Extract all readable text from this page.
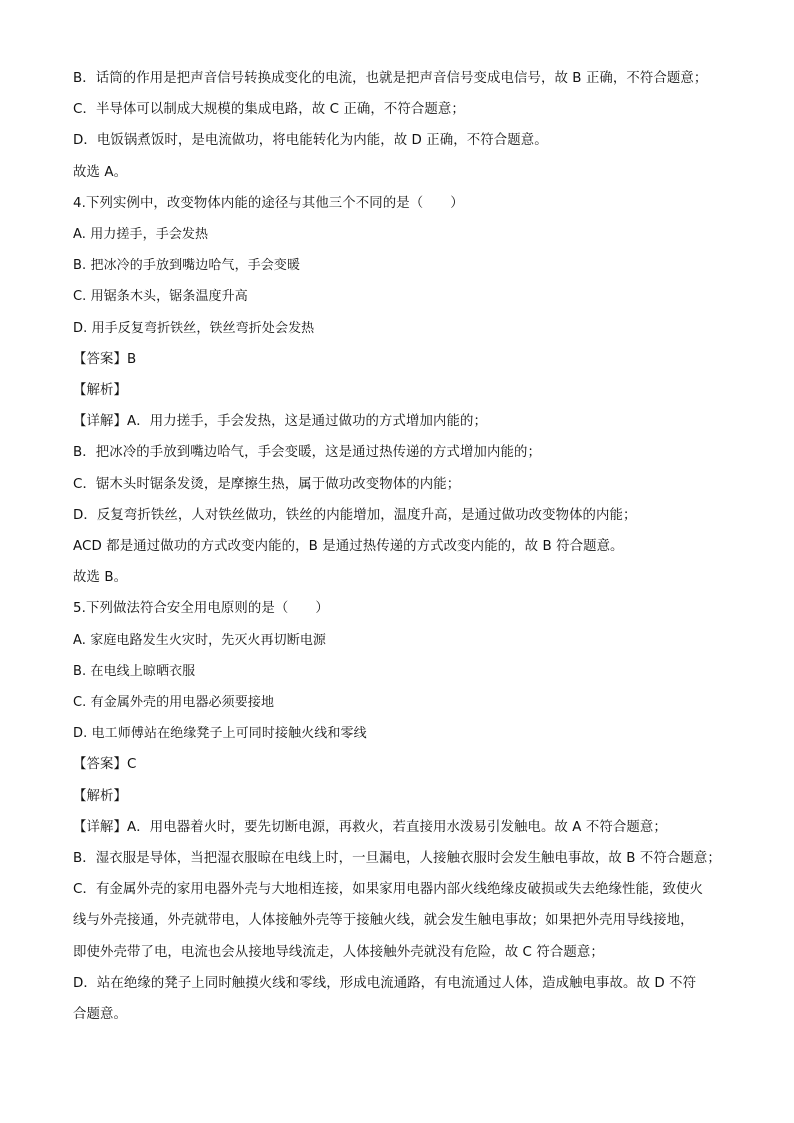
B．话筒的作用是把声音信号转换成变化的电流，也就是把声音信号变成电信号，故 B 正确，不符合题意；
C．半导体可以制成大规模的集成电路，故 C 正确，不符合题意；
D．电饭锅煮饭时，是电流做功，将电能转化为内能，故 D 正确，不符合题意。
故选 A。
4.下列实例中，改变物体内能的途径与其他三个不同的是（　　）
A. 用力搓手，手会发热
B. 把冰冷的手放到嘴边哈气，手会变暖
C. 用锯条木头，锯条温度升高
D. 用手反复弯折铁丝，铁丝弯折处会发热
【答案】B
【解析】
【详解】A．用力搓手，手会发热，这是通过做功的方式增加内能的；
B．把冰冷的手放到嘴边哈气，手会变暖，这是通过热传递的方式增加内能的；
C．锯木头时锯条发烫，是摩擦生热，属于做功改变物体的内能；
D．反复弯折铁丝，人对铁丝做功，铁丝的内能增加，温度升高，是通过做功改变物体的内能；
ACD 都是通过做功的方式改变内能的，B 是通过热传递的方式改变内能的，故 B 符合题意。
故选 B。
5.下列做法符合安全用电原则的是（　　）
A. 家庭电路发生火灾时，先灭火再切断电源
B. 在电线上晾晒衣服
C. 有金属外壳的用电器必须要接地
D. 电工师傅站在绝缘凳子上可同时接触火线和零线
【答案】C
【解析】
【详解】A．用电器着火时，要先切断电源，再救火，若直接用水泼易引发触电。故 A 不符合题意；
B．湿衣服是导体，当把湿衣服晾在电线上时，一旦漏电，人接触衣服时会发生触电事故，故 B 不符合题意；
C．有金属外壳的家用电器外壳与大地相连接，如果家用电器内部火线绝缘皮破损或失去绝缘性能，致使火
线与外壳接通，外壳就带电，人体接触外壳等于接触火线，就会发生触电事故；如果把外壳用导线接地，
即使外壳带了电，电流也会从接地导线流走，人体接触外壳就没有危险，故 C 符合题意；
D．站在绝缘的凳子上同时触摸火线和零线，形成电流通路，有电流通过人体，造成触电事故。故 D 不符
合题意。
